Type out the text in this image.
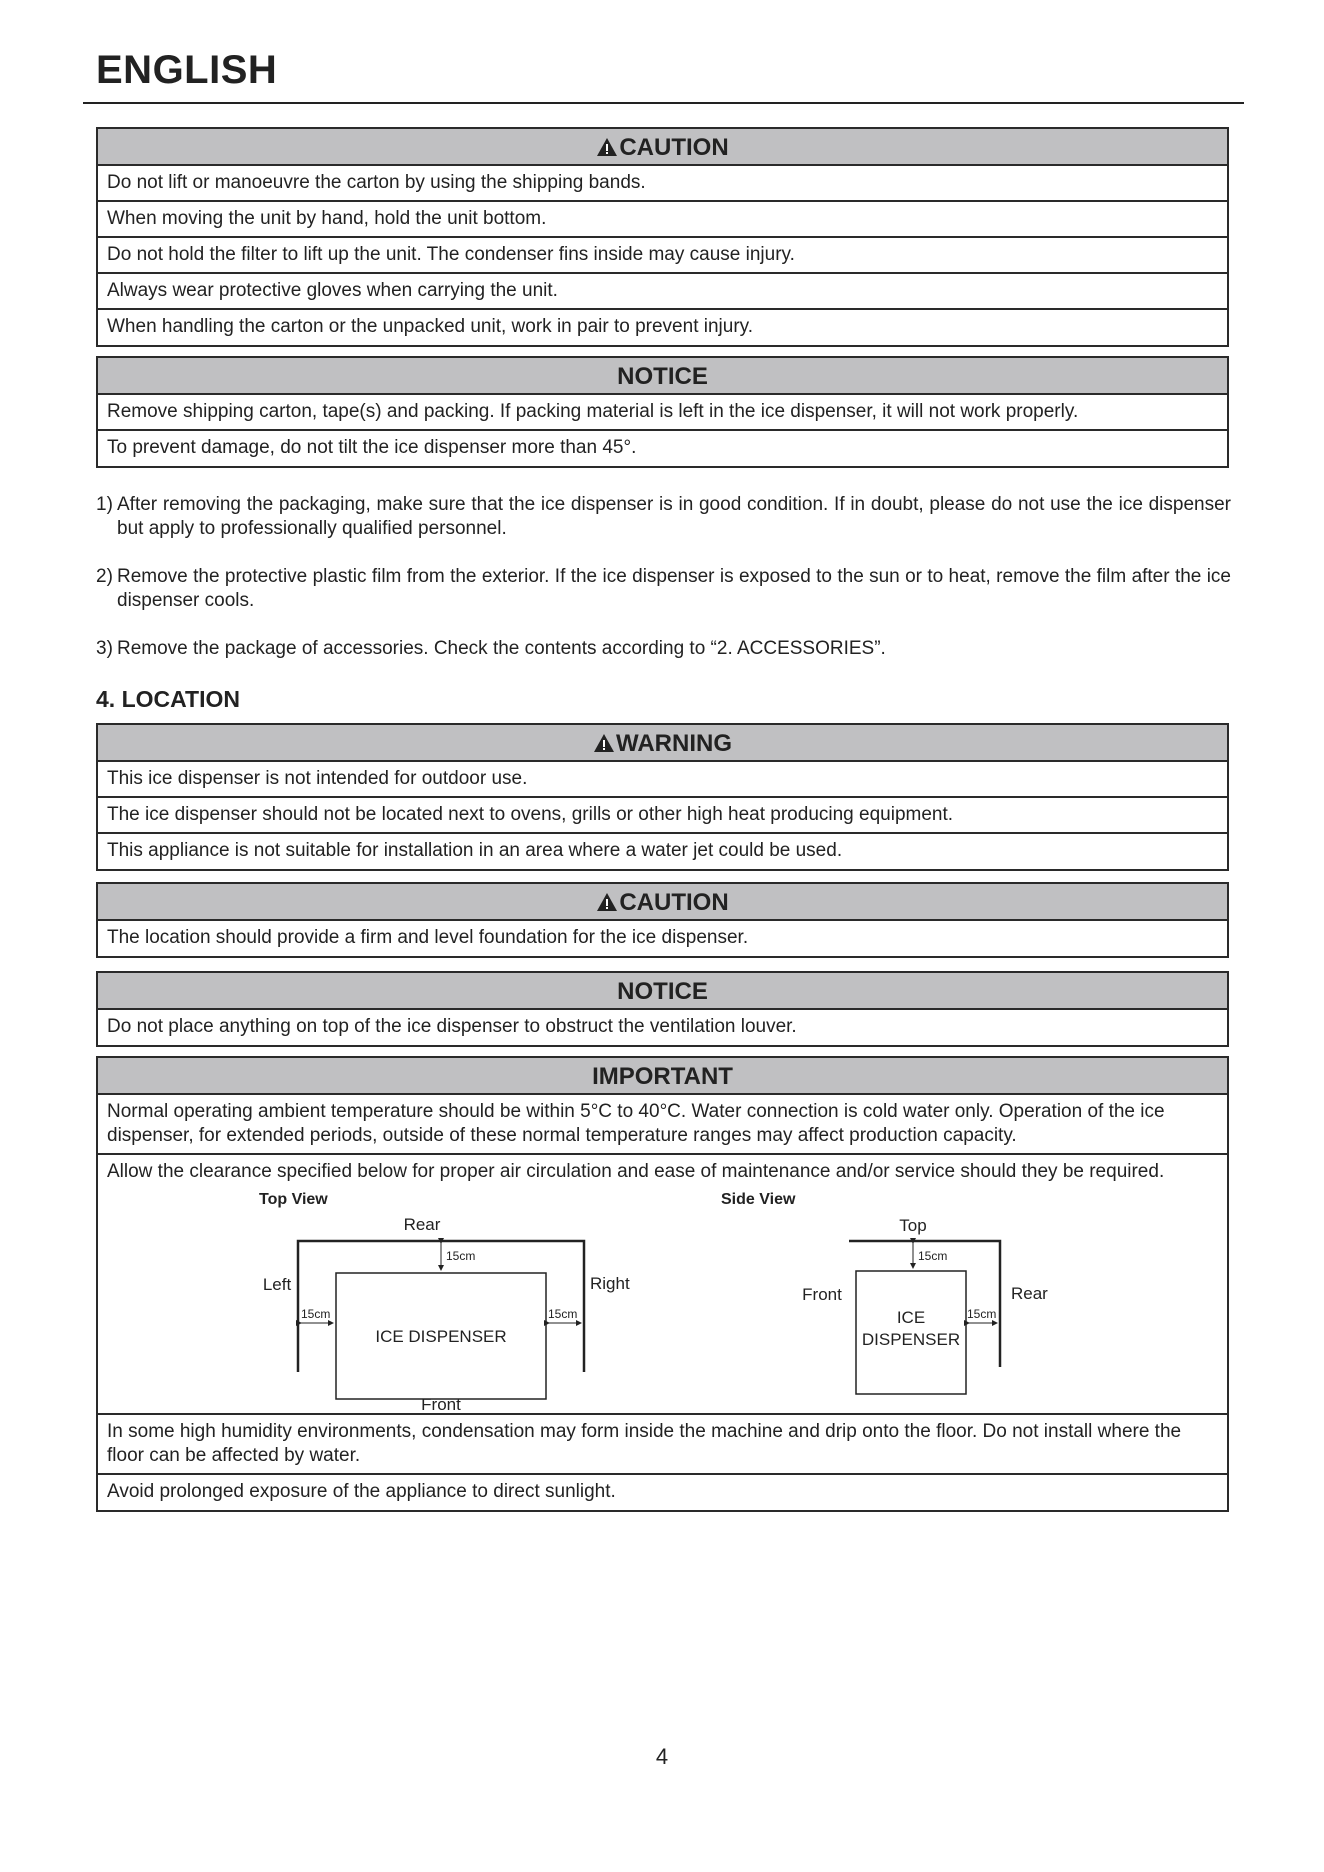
ENGLISH
CAUTION
Do not lift or manoeuvre the carton by using the shipping bands.
When moving the unit by hand, hold the unit bottom.
Do not hold the filter to lift up the unit. The condenser fins inside may cause injury.
Always wear protective gloves when carrying the unit.
When handling the carton or the unpacked unit, work in pair to prevent injury.
NOTICE
Remove shipping carton, tape(s) and packing. If packing material is left in the ice dispenser, it will not work properly.
To prevent damage, do not tilt the ice dispenser more than 45°.
1) After removing the packaging, make sure that the ice dispenser is in good condition. If in doubt, please do not use the ice dispenser but apply to professionally qualified personnel.
2) Remove the protective plastic film from the exterior. If the ice dispenser is exposed to the sun or to heat, remove the film after the ice dispenser cools.
3) Remove the package of accessories. Check the contents according to “2. ACCESSORIES”.
4. LOCATION
WARNING
This ice dispenser is not intended for outdoor use.
The ice dispenser should not be located next to ovens, grills or other high heat producing equipment.
This appliance is not suitable for installation in an area where a water jet could be used.
CAUTION
The location should provide a firm and level foundation for the ice dispenser.
NOTICE
Do not place anything on top of the ice dispenser to obstruct the ventilation louver.
IMPORTANT
Normal operating ambient temperature should be within 5°C to 40°C. Water connection is cold water only. Operation of the ice dispenser, for extended periods, outside of these normal temperature ranges may affect production capacity.
Allow the clearance specified below for proper air circulation and ease of maintenance and/or service should they be required.
Top View
Rear
ICE DISPENSER
15cm
Left
15cm
Right
15cm
Front
Side View
Top
ICE
DISPENSER
15cm
Front
15cm
Rear
In some high humidity environments, condensation may form inside the machine and drip onto the floor. Do not install where the floor can be affected by water.
Avoid prolonged exposure of the appliance to direct sunlight.
4
